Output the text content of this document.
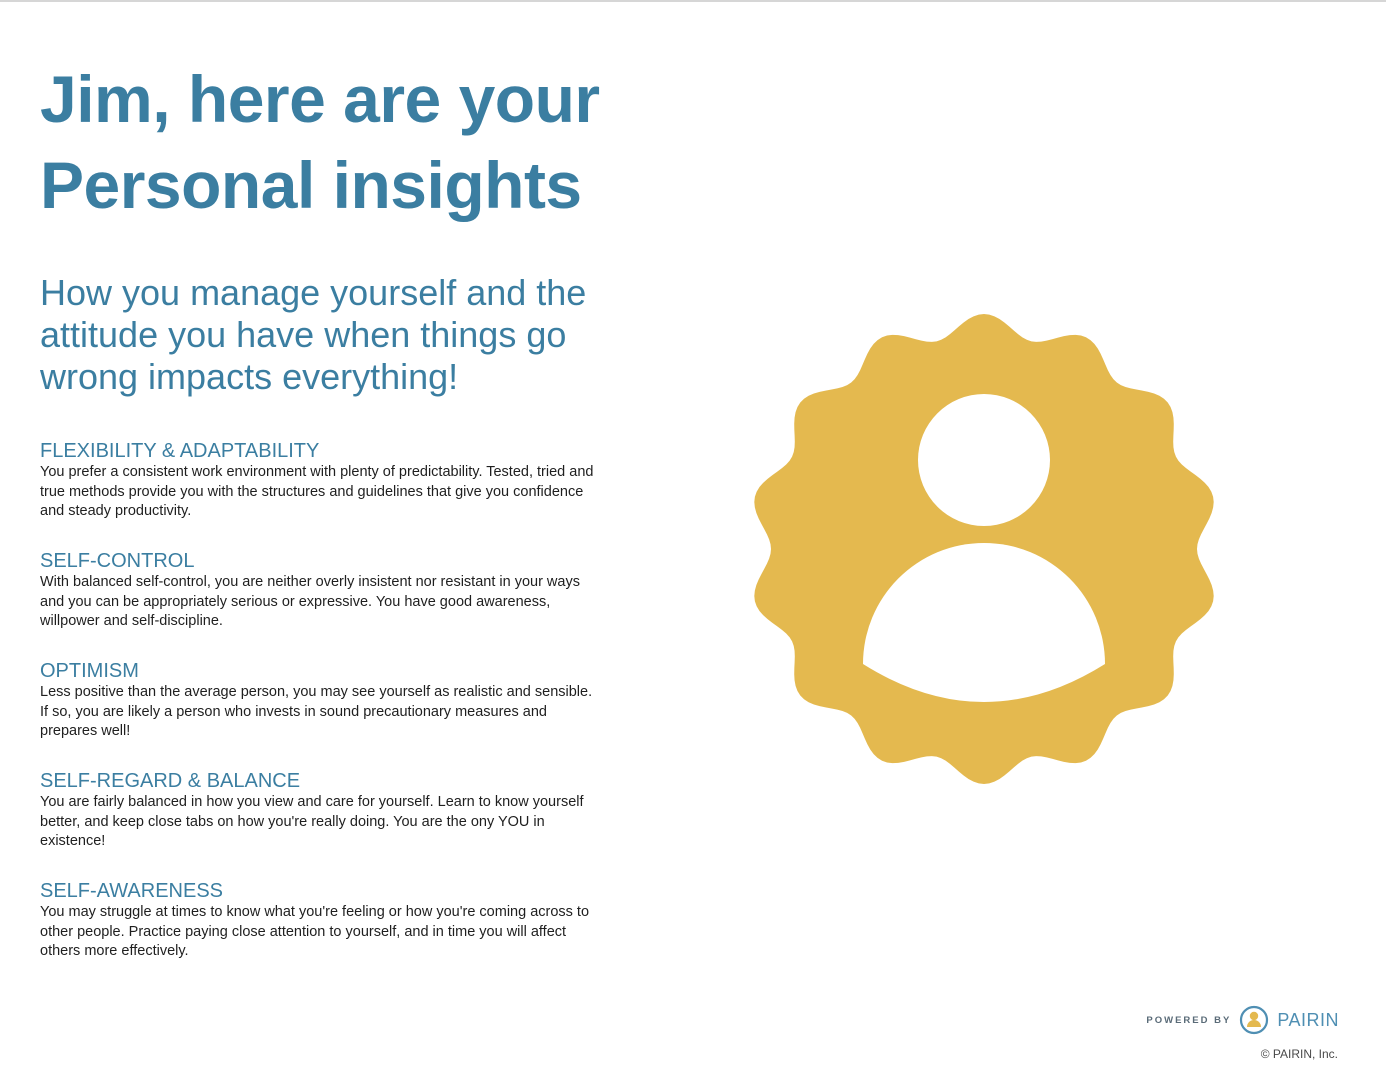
Jim, here are your
Personal insights
How you manage yourself and the
attitude you have when things go
wrong impacts everything!
FLEXIBILITY & ADAPTABILITY

You prefer a consistent work environment with plenty of predictability. Tested, tried and true methods provide you with the structures and guidelines that give you confidence and steady productivity.

SELF-CONTROL

With balanced self-control, you are neither overly insistent nor resistant in your ways and you can be appropriately serious or expressive. You have good awareness, willpower and self-discipline.

OPTIMISM

Less positive than the average person, you may see yourself as realistic and sensible. If so, you are likely a person who invests in sound precautionary measures and prepares well!

SELF-REGARD & BALANCE

You are fairly balanced in how you view and care for yourself. Learn to know yourself better, and keep close tabs on how you're really doing. You are the ony YOU in existence!

SELF-AWARENESS

You may struggle at times to know what you're feeling or how you're coming across to other people. Practice paying close attention to yourself, and in time you will affect others more effectively.

POWERED BY	PAIRIN
© PAIRIN, Inc.
